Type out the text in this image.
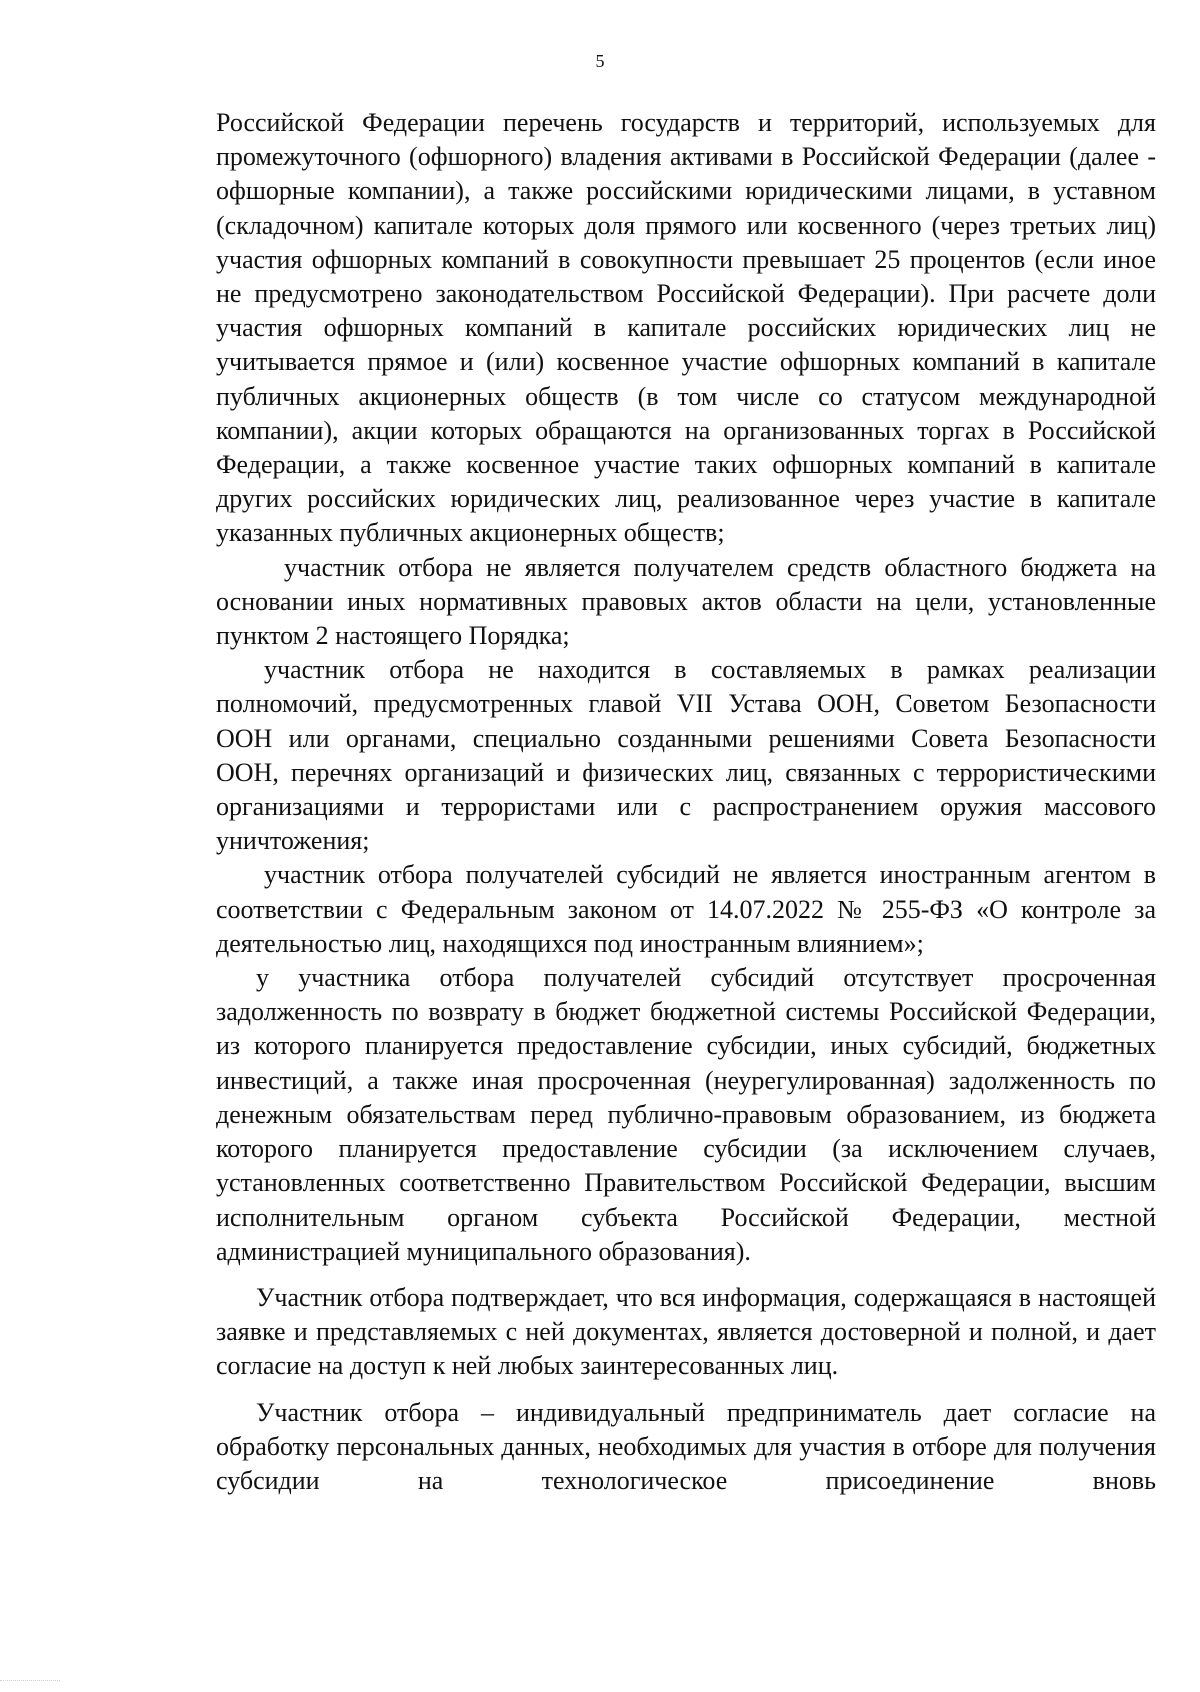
5

Российской Федерации перечень государств и территорий, используемых для промежуточного (офшорного) владения активами в Российской Федерации (далее - офшорные компании), а также российскими юридическими лицами, в уставном (складочном) капитале которых доля прямого или косвенного (через третьих лиц) участия офшорных компаний в совокупности превышает 25 процентов (если иное не предусмотрено законодательством Российской Федерации). При расчете доли участия офшорных компаний в капитале российских юридических лиц не учитывается прямое и (или) косвенное участие офшорных компаний в капитале публичных акционерных обществ (в том числе со статусом международной компании), акции которых обращаются на организованных торгах в Российской Федерации, а также косвенное участие таких офшорных компаний в капитале других российских юридических лиц, реализованное через участие в капитале указанных публичных акционерных обществ;

участник отбора не является получателем средств областного бюджета на основании иных нормативных правовых актов области на цели, установленные пунктом 2 настоящего Порядка;

участник отбора не находится в составляемых в рамках реализации полномочий, предусмотренных главой VII Устава ООН, Советом Безопасности ООН или органами, специально созданными решениями Совета Безопасности ООН, перечнях организаций и физических лиц, связанных с террористическими организациями и террористами или с распространением оружия массового уничтожения;

участник отбора получателей субсидий не является иностранным агентом в соответствии с Федеральным законом от 14.07.2022 № 255-ФЗ «О контроле за деятельностью лиц, находящихся под иностранным влиянием»;

у участника отбора получателей субсидий отсутствует просроченная задолженность по возврату в бюджет бюджетной системы Российской Федерации, из которого планируется предоставление субсидии, иных субсидий, бюджетных инвестиций, а также иная просроченная (неурегулированная) задолженность по денежным обязательствам перед публично-правовым образованием, из бюджета которого планируется предоставление субсидии (за исключением случаев, установленных соответственно Правительством Российской Федерации, высшим исполнительным органом субъекта Российской Федерации, местной администрацией муниципального образования).

Участник отбора подтверждает, что вся информация, содержащаяся в настоящей заявке и представляемых с ней документах, является достоверной и полной, и дает согласие на доступ к ней любых заинтересованных лиц.

Участник отбора – индивидуальный предприниматель дает согласие на обработку персональных данных, необходимых для участия в отборе для получения субсидии на технологическое присоединение вновь
